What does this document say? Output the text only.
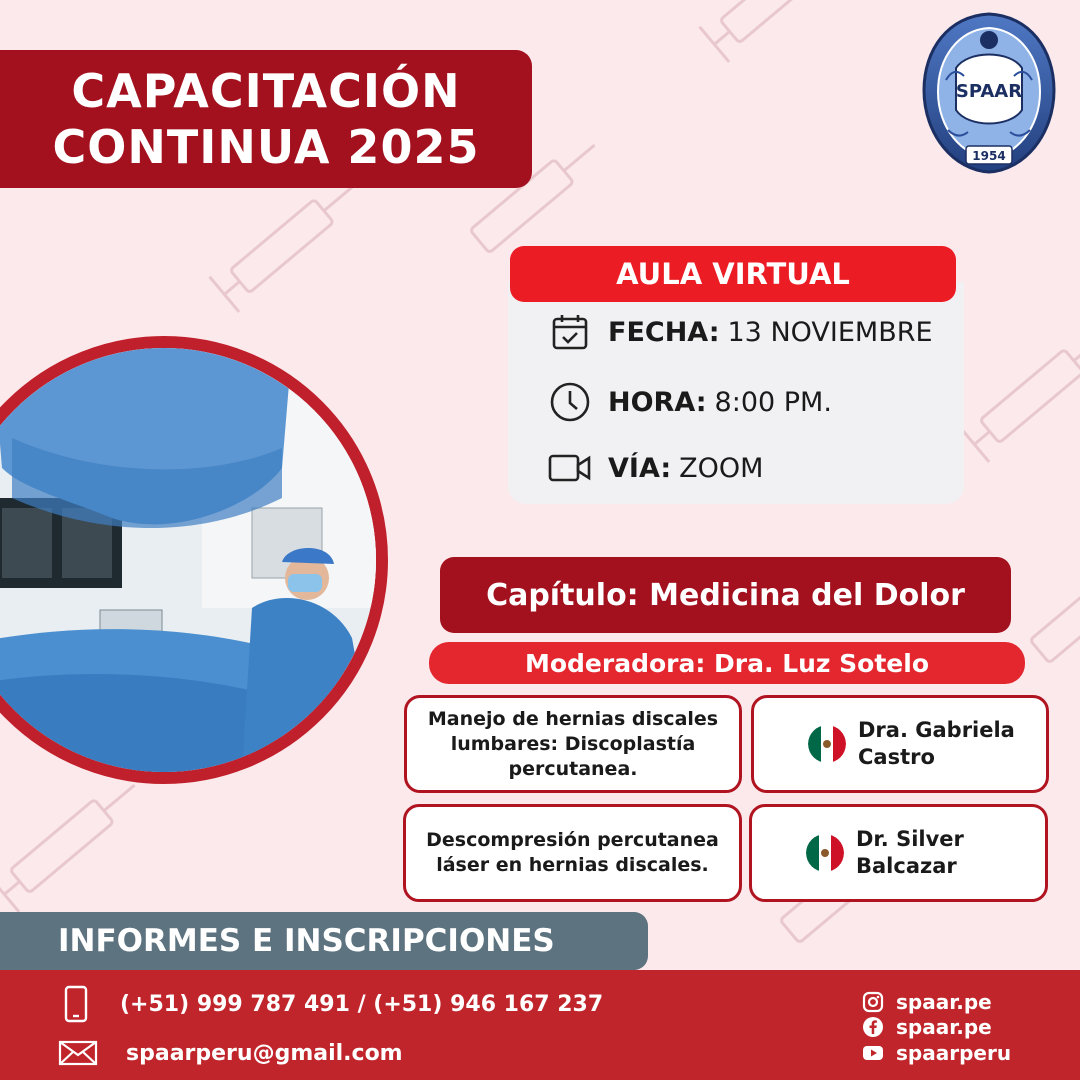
CAPACITACIÓN
CONTINUA 2025
SPAAR
1954
AULA VIRTUAL
FECHA: 13 NOVIEMBRE
HORA: 8:00 PM.
VÍA: ZOOM
Capítulo: Medicina del Dolor
Moderadora: Dra. Luz Sotelo
Manejo de hernias discales
lumbares: Discoplastía
percutanea.
Dra. Gabriela
Castro
Descompresión percutanea
láser en hernias discales.
Dr. Silver
Balcazar
INFORMES E INSCRIPCIONES
(+51) 999 787 491 / (+51) 946 167 237
spaarperu@gmail.com
spaar.pe
spaar.pe
spaarperu
